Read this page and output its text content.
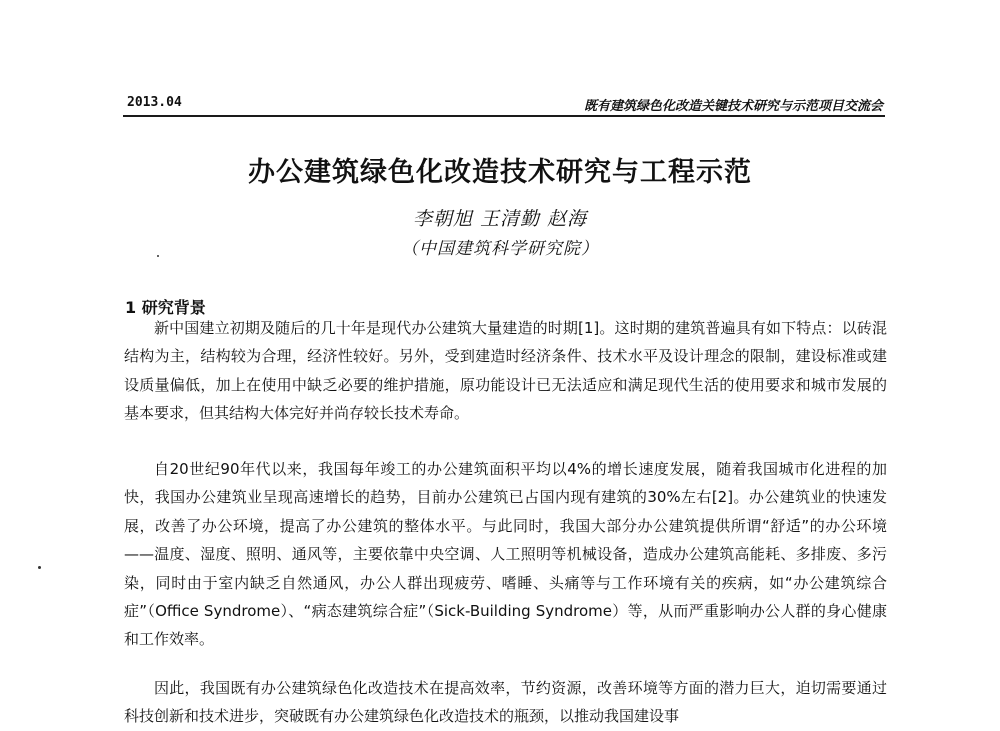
2013.04	既有建筑绿色化改造关键技术研究与示范项目交流会
办公建筑绿色化改造技术研究与工程示范
李朝旭 王清勤 赵海
（中国建筑科学研究院）
1 研究背景

新中国建立初期及随后的几十年是现代办公建筑大量建造的时期[1]。这时期的建筑普遍具有如下特点：以砖混结构为主，结构较为合理，经济性较好。另外，受到建造时经济条件、技术水平及设计理念的限制，建设标准或建设质量偏低，加上在使用中缺乏必要的维护措施，原功能设计已无法适应和满足现代生活的使用要求和城市发展的基本要求，但其结构大体完好并尚存较长技术寿命。

自20世纪90年代以来，我国每年竣工的办公建筑面积平均以4%的增长速度发展，随着我国城市化进程的加快，我国办公建筑业呈现高速增长的趋势，目前办公建筑已占国内现有建筑的30%左右[2]。办公建筑业的快速发展，改善了办公环境，提高了办公建筑的整体水平。与此同时，我国大部分办公建筑提供所谓“舒适”的办公环境——温度、湿度、照明、通风等，主要依靠中央空调、人工照明等机械设备，造成办公建筑高能耗、多排废、多污染，同时由于室内缺乏自然通风，办公人群出现疲劳、嗜睡、头痛等与工作环境有关的疾病，如“办公建筑综合症”（Office Syndrome）、“病态建筑综合症”（Sick-Building Syndrome）等，从而严重影响办公人群的身心健康和工作效率。

因此，我国既有办公建筑绿色化改造技术在提高效率，节约资源，改善环境等方面的潜力巨大，迫切需要通过科技创新和技术进步，突破既有办公建筑绿色化改造技术的瓶颈，以推动我国建设事
